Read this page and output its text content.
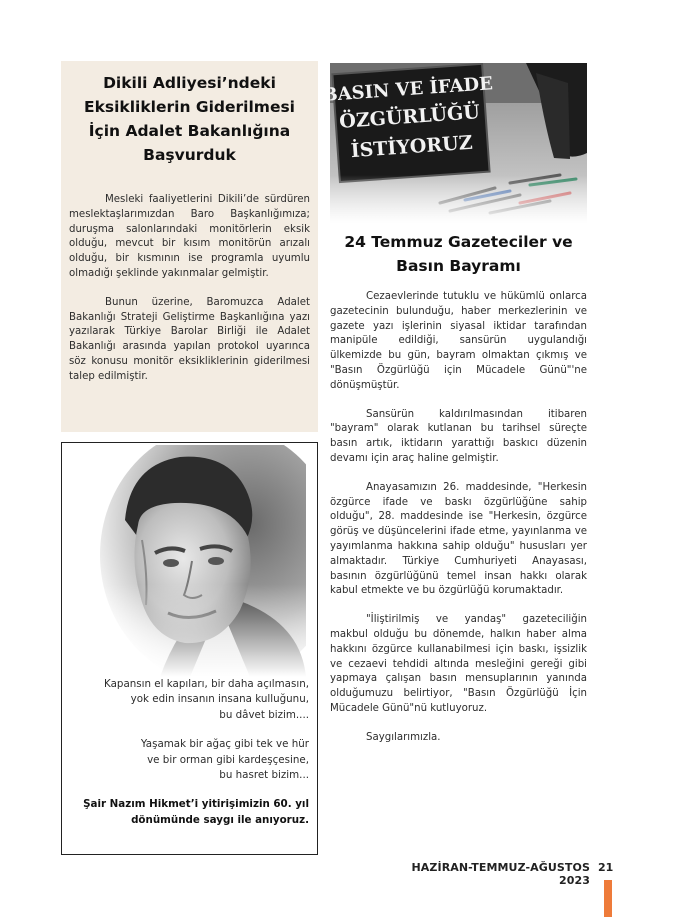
Dikili Adliyesi’ndeki
Eksikliklerin Giderilmesi
İçin Adalet Bakanlığına
Başvurduk

Mesleki faaliyetlerini Dikili’de sürdüren meslektaşlarımızdan Baro Başkanlığımıza; duruşma salonlarındaki monitörlerin eksik olduğu, mevcut bir kısım monitörün arızalı olduğu, bir kısmının ise programla uyumlu olmadığı şeklinde yakınmalar gelmiştir.

Bunun üzerine, Baromuzca Adalet Bakanlığı Strateji Geliştirme Başkanlığına yazı yazılarak Türkiye Barolar Birliği ile Adalet Bakanlığı arasında yapılan protokol uyarınca söz konusu monitör eksikliklerinin giderilmesi talep edilmiştir.

Kapansın el kapıları, bir daha açılmasın,
yok edin insanın insana kulluğunu,
bu dâvet bizim....
Yaşamak bir ağaç gibi tek ve hür
ve bir orman gibi kardeşçesine,
bu hasret bizim...
Şair Nazım Hikmet’i yitirişimizin 60. yıl
dönümünde saygı ile anıyoruz.
24 Temmuz Gazeteciler ve
Basın Bayramı

Cezaevlerinde tutuklu ve hükümlü onlarca gazetecinin bulunduğu, haber merkezlerinin ve gazete yazı işlerinin siyasal iktidar tarafından manipüle edildiği, sansürün uygulandığı ülkemizde bu gün, bayram olmaktan çıkmış ve "Basın Özgürlüğü için Mücadele Günü"'ne dönüşmüştür.

Sansürün kaldırılmasından itibaren "bayram" olarak kutlanan bu tarihsel süreçte basın artık, iktidarın yarattığı baskıcı düzenin devamı için araç haline gelmiştir.

Anayasamızın 26. maddesinde, "Herkesin özgürce ifade ve baskı özgürlüğüne sahip olduğu", 28. maddesinde ise "Herkesin, özgürce görüş ve düşüncelerini ifade etme, yayınlanma ve yayımlanma hakkına sahip olduğu" hususları yer almaktadır. Türkiye Cumhuriyeti Anayasası, basının özgürlüğünü temel insan hakkı olarak kabul etmekte ve bu özgürlüğü korumaktadır.

"İliştirilmiş ve yandaş" gazeteciliğin makbul olduğu bu dönemde, halkın haber alma hakkını özgürce kullanabilmesi için baskı, işsizlik ve cezaevi tehdidi altında mesleğini gereği gibi yapmaya çalışan basın mensuplarının yanında olduğumuzu belirtiyor, "Basın Özgürlüğü İçin Mücadele Günü"nü kutluyoruz.

Saygılarımızla.

HAZİRAN-TEMMUZ-AĞUSTOS 2023
21
